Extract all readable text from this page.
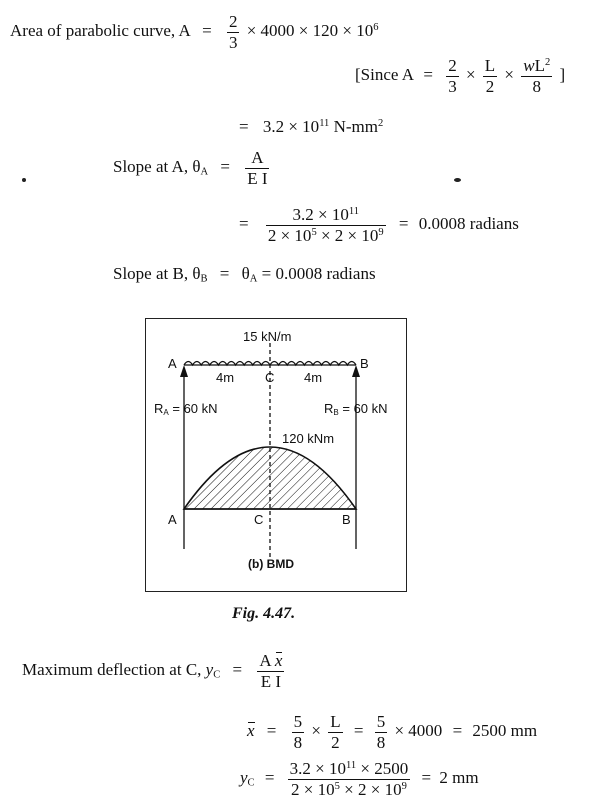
Area of parabolic curve, $A = \frac{2}{3} \times 4000 \times 120 \times 10^6$
[Since $A = \frac{2}{3} \times \frac{L}{2} \times \frac{wL^2}{8}$ ]
= $3.2 \times 10^{11}$ $N-mm^2$
Slope at A, $\theta_A = \frac{A}{\text{E I}}$
= $\frac{3.2 \times 10^{11}}{2 \times 10^5 \times 2 \times 10^9} = 0.0008$ radians
Slope at B, $\theta_B = \theta_A = 0.0008$ radians
15 kN/m
A	B
C
4m	4m
$R_A = 60$ kN	$R_B = 60$ kN
120 kNm
A	C	B
(b) BMD
Fig. 4.47.
Maximum deflection at C, $y_C = \frac{\text{A x}}{\text{E I}}$
$x = \frac{5}{8} \times \frac{L}{2} = \frac{5}{8} \times 4000 = 2500$ mm
$y_C = \frac{3.2 \times 10^{11} \times 2500}{2 \times 10^5 \times 2 \times 10^9} = 2$ mm
